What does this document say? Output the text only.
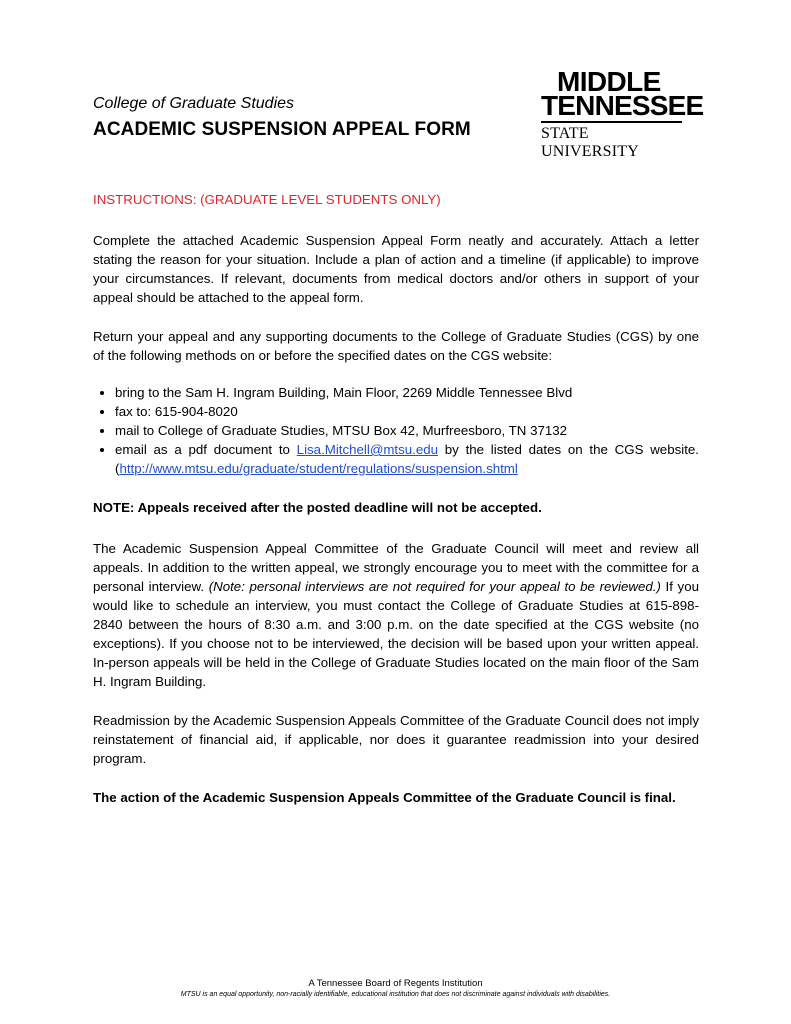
College of Graduate Studies
ACADEMIC SUSPENSION APPEAL FORM
MIDDLE
TENNESSEE
STATE UNIVERSITY
INSTRUCTIONS: (GRADUATE LEVEL STUDENTS ONLY)

Complete the attached Academic Suspension Appeal Form neatly and accurately. Attach a letter stating the reason for your situation. Include a plan of action and a timeline (if applicable) to improve your circumstances. If relevant, documents from medical doctors and/or others in support of your appeal should be attached to the appeal form.

Return your appeal and any supporting documents to the College of Graduate Studies (CGS) by one of the following methods on or before the specified dates on the CGS website:

• bring to the Sam H. Ingram Building, Main Floor, 2269 Middle Tennessee Blvd
• fax to: 615-904-8020
• mail to College of Graduate Studies, MTSU Box 42, Murfreesboro, TN 37132
• email as a pdf document to Lisa.Mitchell@mtsu.edu by the listed dates on the CGS website. (http://www.mtsu.edu/graduate/student/regulations/suspension.shtml

NOTE: Appeals received after the posted deadline will not be accepted.

The Academic Suspension Appeal Committee of the Graduate Council will meet and review all appeals. In addition to the written appeal, we strongly encourage you to meet with the committee for a personal interview. (Note: personal interviews are not required for your appeal to be reviewed.) If you would like to schedule an interview, you must contact the College of Graduate Studies at 615-898-2840 between the hours of 8:30 a.m. and 3:00 p.m. on the date specified at the CGS website (no exceptions). If you choose not to be interviewed, the decision will be based upon your written appeal. In-person appeals will be held in the College of Graduate Studies located on the main floor of the Sam H. Ingram Building.

Readmission by the Academic Suspension Appeals Committee of the Graduate Council does not imply reinstatement of financial aid, if applicable, nor does it guarantee readmission into your desired program.

The action of the Academic Suspension Appeals Committee of the Graduate Council is final.

A Tennessee Board of Regents Institution
MTSU is an equal opportunity, non-racially identifiable, educational institution that does not discriminate against individuals with disabilities.
